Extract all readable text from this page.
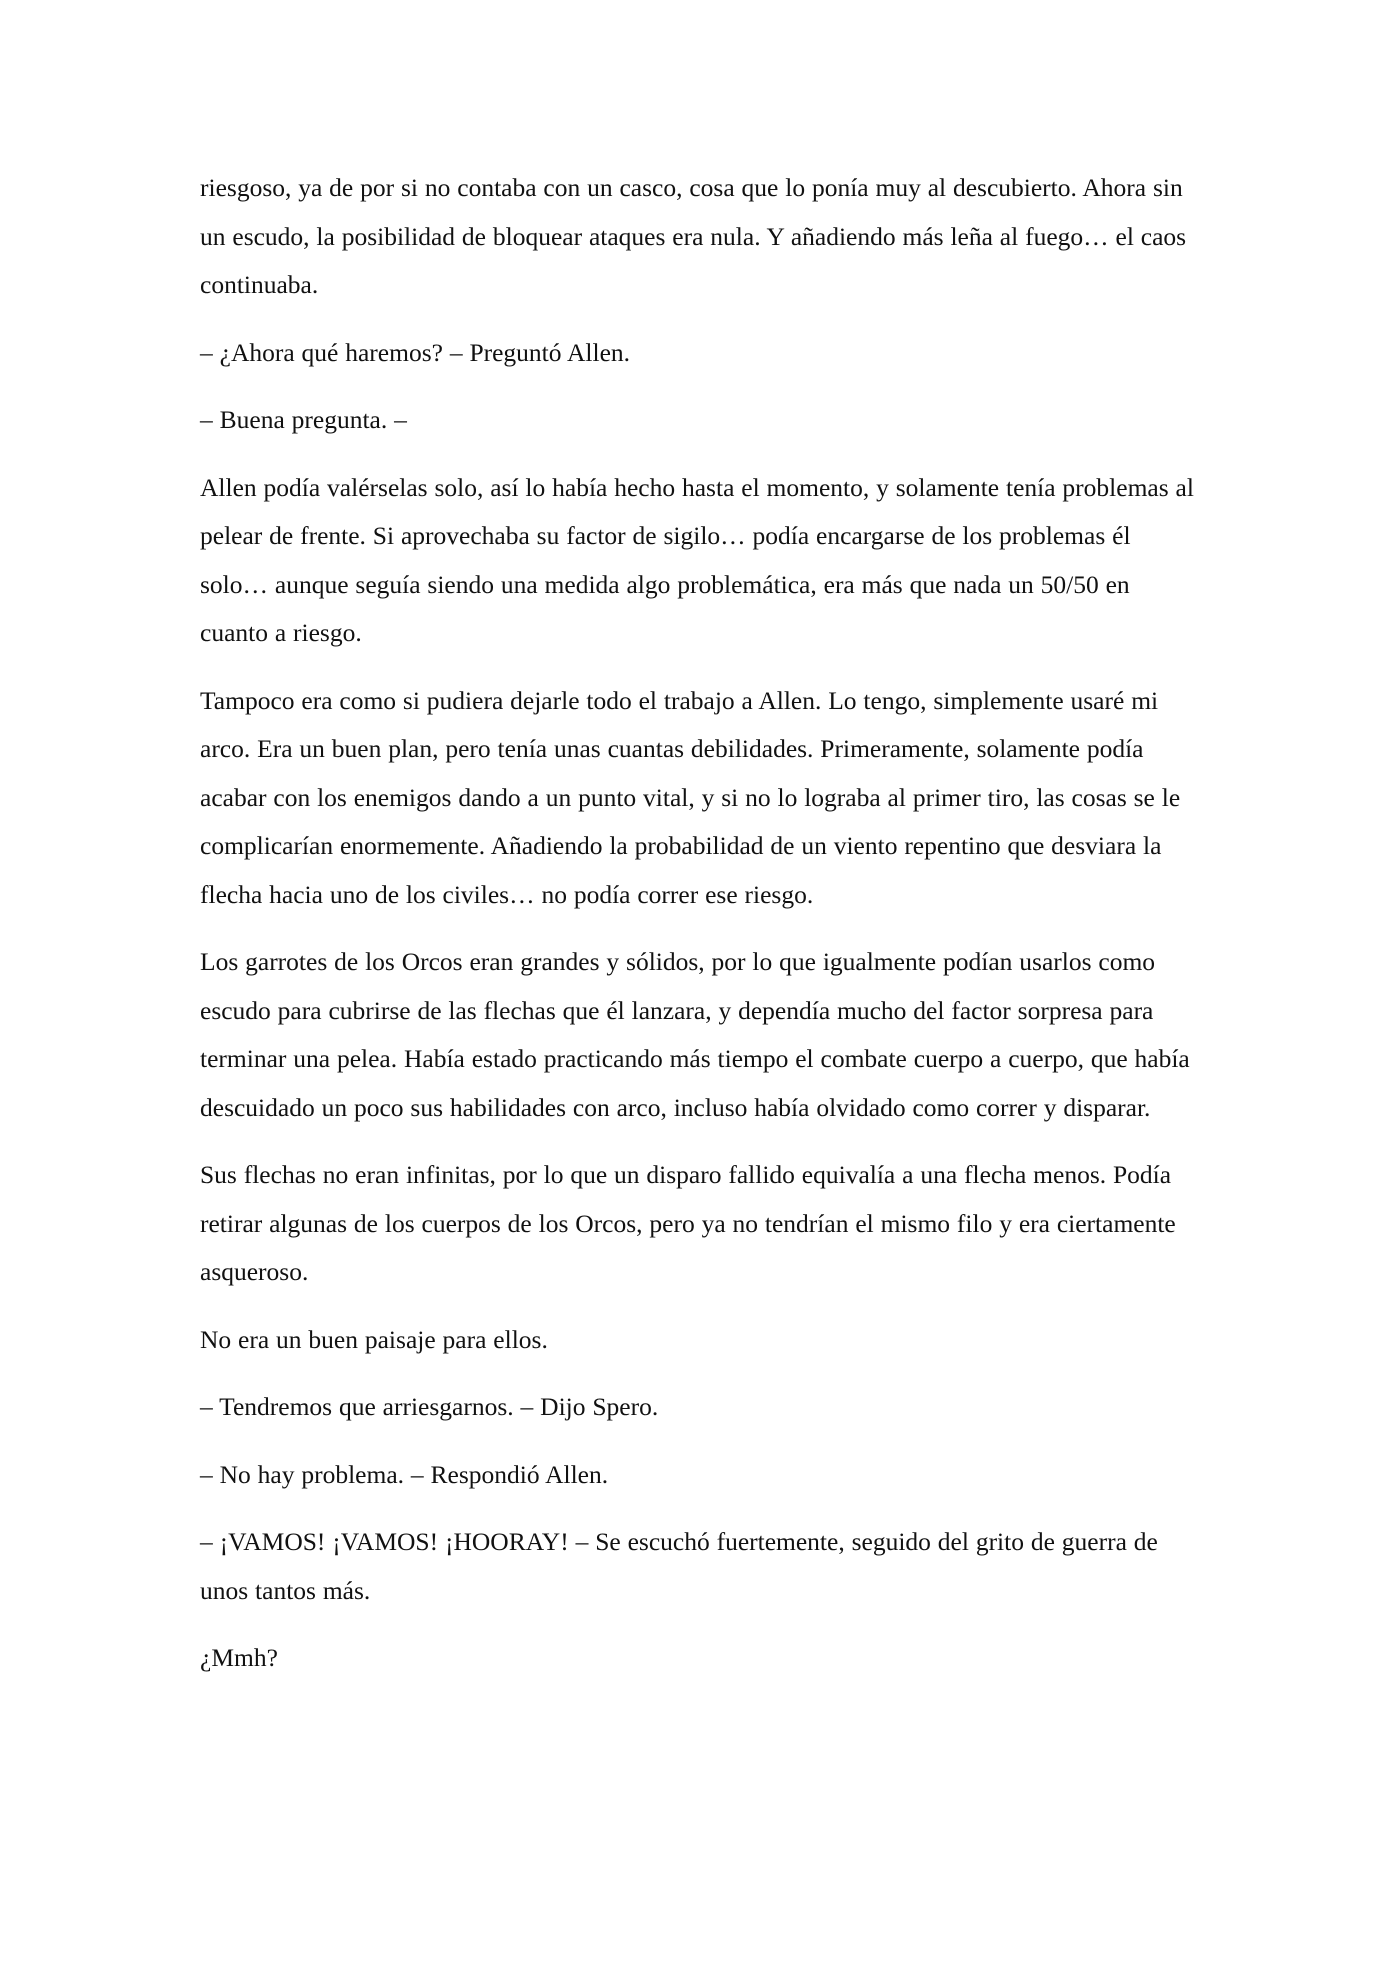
riesgoso, ya de por si no contaba con un casco, cosa que lo ponía muy al descubierto. Ahora sin un escudo, la posibilidad de bloquear ataques era nula. Y añadiendo más leña al fuego… el caos continuaba.

– ¿Ahora qué haremos? – Preguntó Allen.

– Buena pregunta. –

Allen podía valérselas solo, así lo había hecho hasta el momento, y solamente tenía problemas al pelear de frente. Si aprovechaba su factor de sigilo… podía encargarse de los problemas él solo… aunque seguía siendo una medida algo problemática, era más que nada un 50/50 en cuanto a riesgo.

Tampoco era como si pudiera dejarle todo el trabajo a Allen. Lo tengo, simplemente usaré mi arco. Era un buen plan, pero tenía unas cuantas debilidades. Primeramente, solamente podía acabar con los enemigos dando a un punto vital, y si no lo lograba al primer tiro, las cosas se le complicarían enormemente. Añadiendo la probabilidad de un viento repentino que desviara la flecha hacia uno de los civiles… no podía correr ese riesgo.

Los garrotes de los Orcos eran grandes y sólidos, por lo que igualmente podían usarlos como escudo para cubrirse de las flechas que él lanzara, y dependía mucho del factor sorpresa para terminar una pelea. Había estado practicando más tiempo el combate cuerpo a cuerpo, que había descuidado un poco sus habilidades con arco, incluso había olvidado como correr y disparar.

Sus flechas no eran infinitas, por lo que un disparo fallido equivalía a una flecha menos. Podía retirar algunas de los cuerpos de los Orcos, pero ya no tendrían el mismo filo y era ciertamente asqueroso.

No era un buen paisaje para ellos.

– Tendremos que arriesgarnos. – Dijo Spero.

– No hay problema. – Respondió Allen.

– ¡VAMOS! ¡VAMOS! ¡HOORAY! – Se escuchó fuertemente, seguido del grito de guerra de unos tantos más.

¿Mmh?
